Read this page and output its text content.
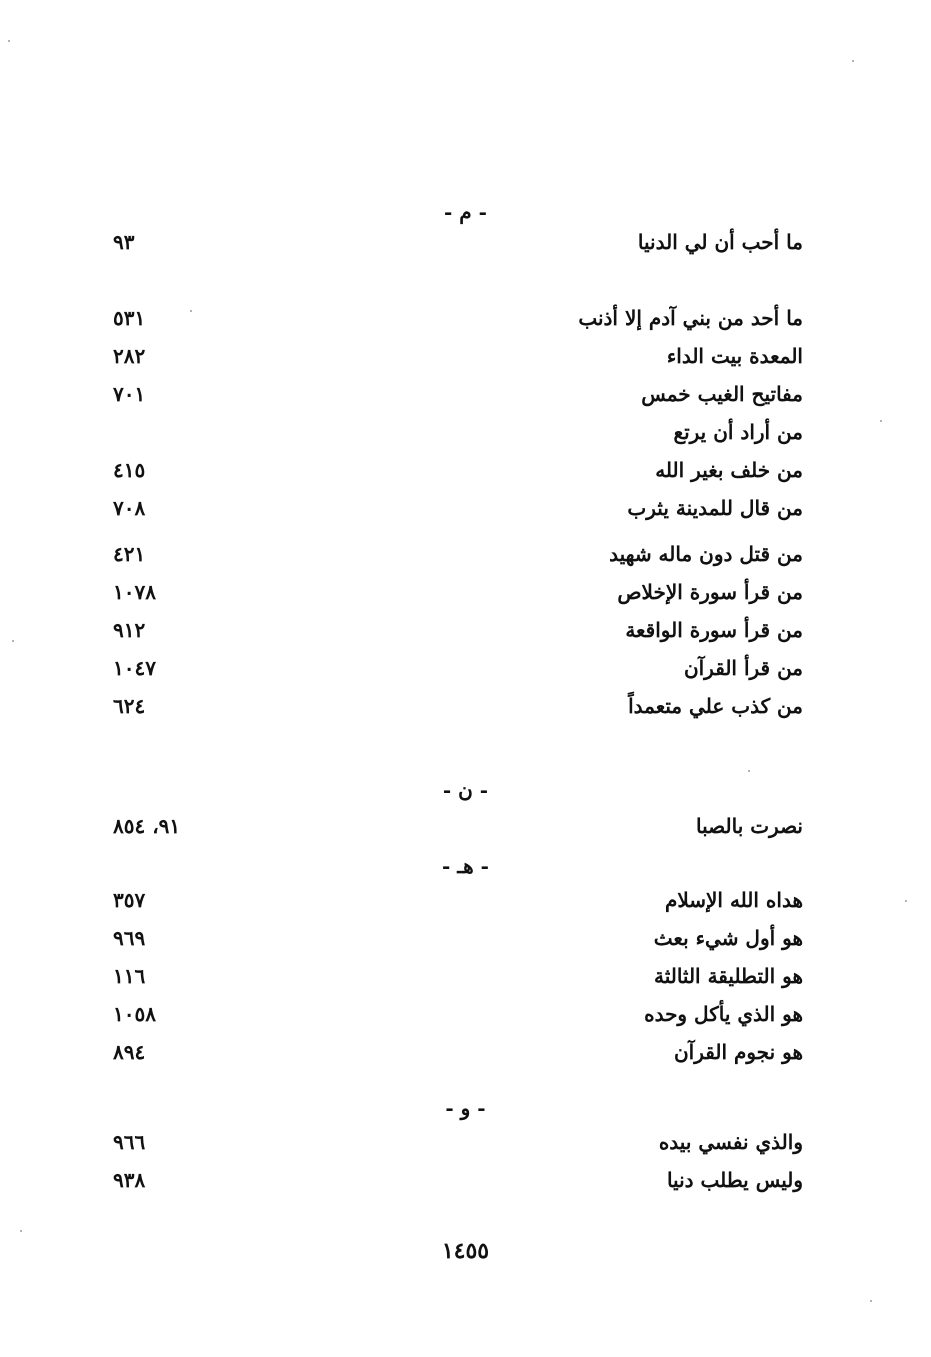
- م -
ما أحب أن لي الدنيا
٩٣
ما أحد من بني آدم إلا أذنب
٥٣١
المعدة بيت الداء
٢٨٢
مفاتيح الغيب خمس
٧٠١
من أراد أن يرتع
من خلف بغير الله
٤١٥
من قال للمدينة يثرب
٧٠٨
من قتل دون ماله شهيد
٤٢١
من قرأ سورة الإخلاص
١٠٧٨
من قرأ سورة الواقعة
٩١٢
من قرأ القرآن
١٠٤٧
من كذب علي متعمداً
٦٢٤
- ن -
نصرت بالصبا
٩١، ٨٥٤
- هـ -
هداه الله الإسلام
٣٥٧
هو أول شيء بعث
٩٦٩
هو التطليقة الثالثة
١١٦
هو الذي يأكل وحده
١٠٥٨
هو نجوم القرآن
٨٩٤
- و -
والذي نفسي بيده
٩٦٦
وليس يطلب دنيا
٩٣٨
١٤٥٥
